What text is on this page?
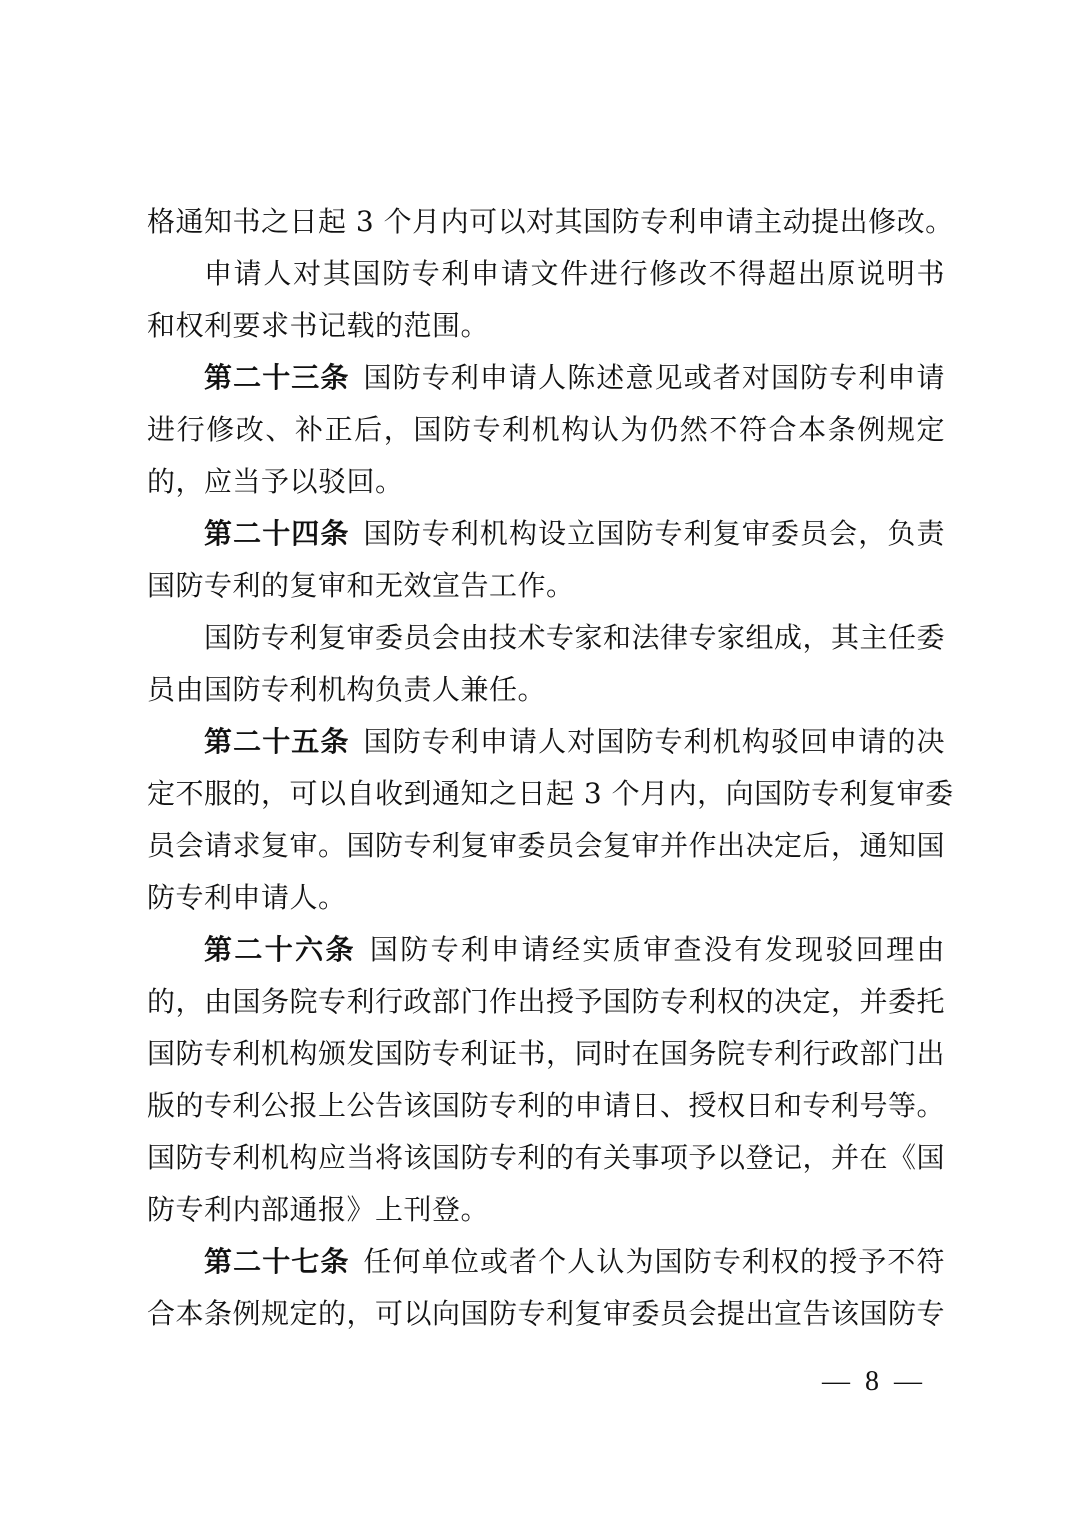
格通知书之日起 3 个月内可以对其国防专利申请主动提出修改。
申请人对其国防专利申请文件进行修改不得超出原说明书
和权利要求书记载的范围。
第二十三条 国防专利申请人陈述意见或者对国防专利申请
进行修改、补正后，国防专利机构认为仍然不符合本条例规定
的，应当予以驳回。
第二十四条 国防专利机构设立国防专利复审委员会，负责
国防专利的复审和无效宣告工作。
国防专利复审委员会由技术专家和法律专家组成，其主任委
员由国防专利机构负责人兼任。
第二十五条 国防专利申请人对国防专利机构驳回申请的决
定不服的，可以自收到通知之日起 3 个月内，向国防专利复审委
员会请求复审。国防专利复审委员会复审并作出决定后，通知国
防专利申请人。
第二十六条 国防专利申请经实质审查没有发现驳回理由
的，由国务院专利行政部门作出授予国防专利权的决定，并委托
国防专利机构颁发国防专利证书，同时在国务院专利行政部门出
版的专利公报上公告该国防专利的申请日、授权日和专利号等。
国防专利机构应当将该国防专利的有关事项予以登记，并在《国
防专利内部通报》上刊登。
第二十七条 任何单位或者个人认为国防专利权的授予不符
合本条例规定的，可以向国防专利复审委员会提出宣告该国防专
— 8 —
